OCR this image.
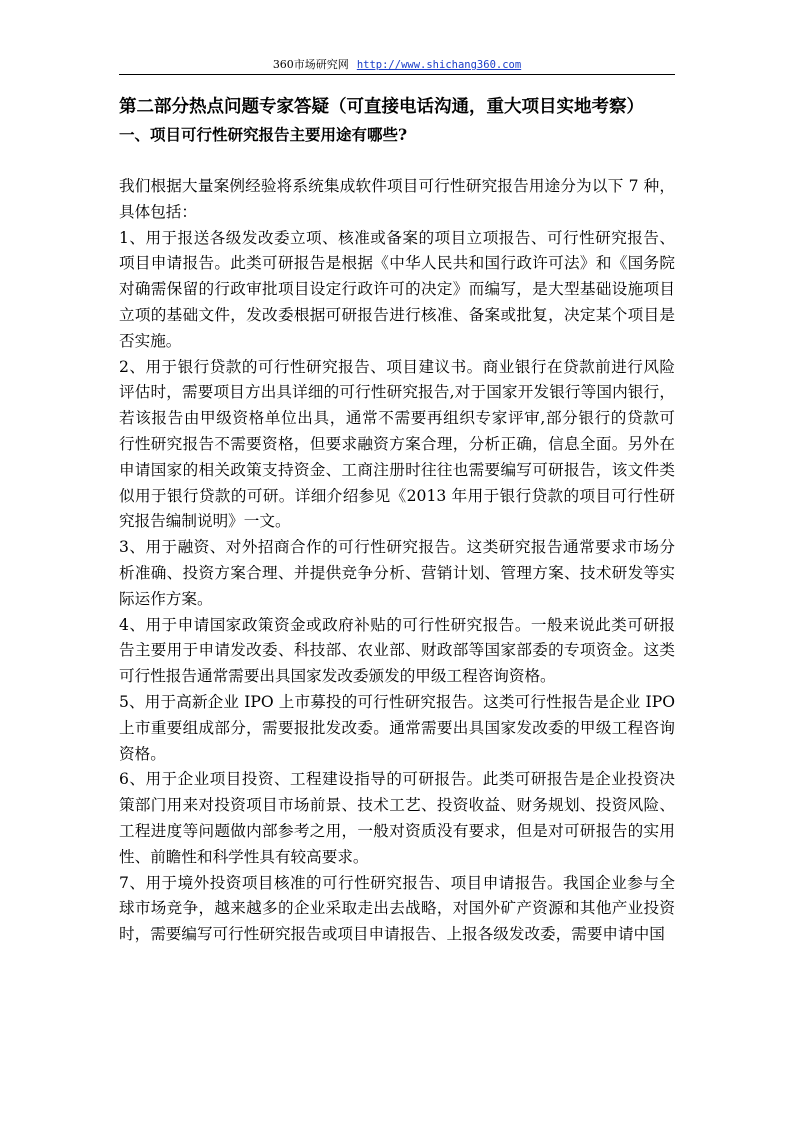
360市场研究网 http://www.shichang360.com
第二部分热点问题专家答疑（可直接电话沟通，重大项目实地考察）
一、项目可行性研究报告主要用途有哪些?
我们根据大量案例经验将系统集成软件项目可行性研究报告用途分为以下 7 种，
具体包括：
1、用于报送各级发改委立项、核准或备案的项目立项报告、可行性研究报告、
项目申请报告。此类可研报告是根据《中华人民共和国行政许可法》和《国务院
对确需保留的行政审批项目设定行政许可的决定》而编写，是大型基础设施项目
立项的基础文件，发改委根据可研报告进行核准、备案或批复，决定某个项目是
否实施。
2、用于银行贷款的可行性研究报告、项目建议书。商业银行在贷款前进行风险
评估时，需要项目方出具详细的可行性研究报告,对于国家开发银行等国内银行，
若该报告由甲级资格单位出具，通常不需要再组织专家评审,部分银行的贷款可
行性研究报告不需要资格，但要求融资方案合理，分析正确，信息全面。另外在
申请国家的相关政策支持资金、工商注册时往往也需要编写可研报告，该文件类
似用于银行贷款的可研。详细介绍参见《2013 年用于银行贷款的项目可行性研
究报告编制说明》一文。
3、用于融资、对外招商合作的可行性研究报告。这类研究报告通常要求市场分
析准确、投资方案合理、并提供竞争分析、营销计划、管理方案、技术研发等实
际运作方案。
4、用于申请国家政策资金或政府补贴的可行性研究报告。一般来说此类可研报
告主要用于申请发改委、科技部、农业部、财政部等国家部委的专项资金。这类
可行性报告通常需要出具国家发改委颁发的甲级工程咨询资格。
5、用于高新企业 IPO 上市募投的可行性研究报告。这类可行性报告是企业 IPO
上市重要组成部分，需要报批发改委。通常需要出具国家发改委的甲级工程咨询
资格。
6、用于企业项目投资、工程建设指导的可研报告。此类可研报告是企业投资决
策部门用来对投资项目市场前景、技术工艺、投资收益、财务规划、投资风险、
工程进度等问题做内部参考之用，一般对资质没有要求，但是对可研报告的实用
性、前瞻性和科学性具有较高要求。
7、用于境外投资项目核准的可行性研究报告、项目申请报告。我国企业参与全
球市场竞争，越来越多的企业采取走出去战略，对国外矿产资源和其他产业投资
时，需要编写可行性研究报告或项目申请报告、上报各级发改委，需要申请中国
